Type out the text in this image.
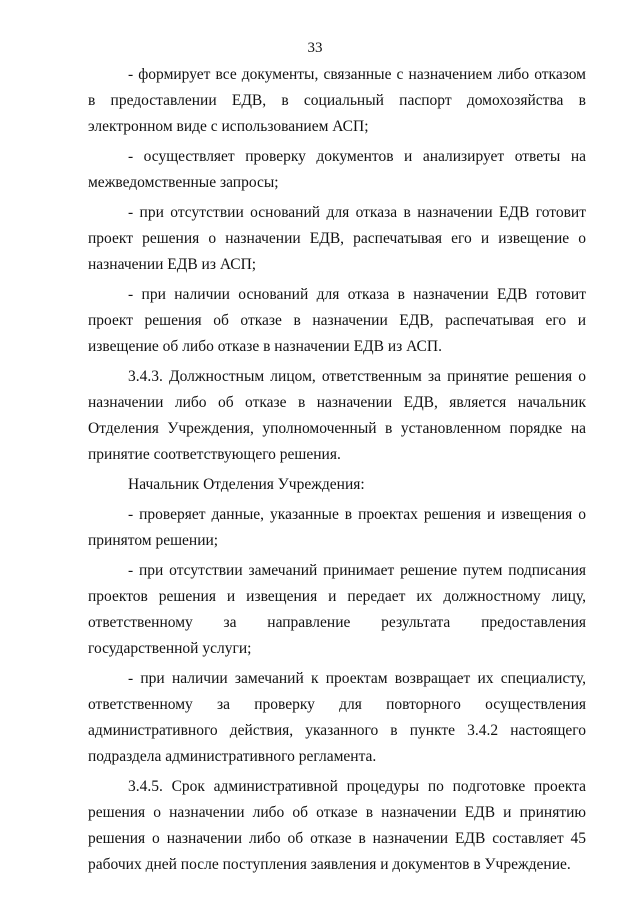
33

- формирует все документы, связанные с назначением либо отказом в предоставлении ЕДВ, в социальный паспорт домохозяйства в электронном виде с использованием АСП;

- осуществляет проверку документов и анализирует ответы на межведомственные запросы;

- при отсутствии оснований для отказа в назначении ЕДВ готовит проект решения о назначении ЕДВ, распечатывая его и извещение о назначении ЕДВ из АСП;

- при наличии оснований для отказа в назначении ЕДВ готовит проект решения об отказе в назначении ЕДВ, распечатывая его и извещение об либо отказе в назначении ЕДВ из АСП.

3.4.3. Должностным лицом, ответственным за принятие решения о назначении либо об отказе в назначении ЕДВ, является начальник Отделения Учреждения, уполномоченный в установленном порядке на принятие соответствующего решения.

Начальник Отделения Учреждения:

- проверяет данные, указанные в проектах решения и извещения о принятом решении;

- при отсутствии замечаний принимает решение путем подписания проектов решения и извещения и передает их должностному лицу, ответственному за направление результата предоставления государственной услуги;

- при наличии замечаний к проектам возвращает их специалисту, ответственному за проверку для повторного осуществления административного действия, указанного в пункте 3.4.2 настоящего подраздела административного регламента.

3.4.5. Срок административной процедуры по подготовке проекта решения о назначении либо об отказе в назначении ЕДВ и принятию решения о назначении либо об отказе в назначении ЕДВ составляет 45 рабочих дней после поступления заявления и документов в Учреждение.
